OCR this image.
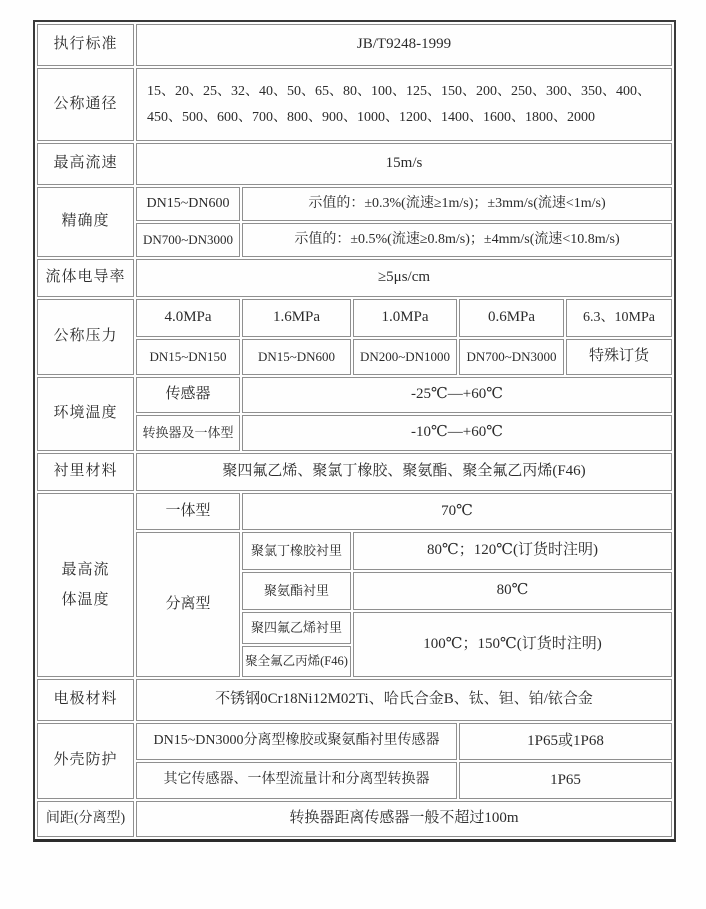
执行标准	JB/T9248-1999				
公称通径	15、20、25、32、40、50、65、80、100、125、150、200、250、300、350、400、450、500、600、700、800、900、1000、1200、1400、1600、1800、2000				
最高流速	15m/s				
精确度	DN15~DN600	示值的：±0.3%(流速≥1m/s)；±3mm/s(流速<1m/s)			
	DN700~DN3000	示值的：±0.5%(流速≥0.8m/s)；±4mm/s(流速<10.8m/s)			
流体电导率	≥5μs/cm				
公称压力	4.0MPa	1.6MPa	1.0MPa	0.6MPa	6.3、10MPa
	DN15~DN150	DN15~DN600	DN200~DN1000	DN700~DN3000	特殊订货
环境温度	传感器	-25℃—+60℃			
	转换器及一体型	-10℃—+60℃			
衬里材料	聚四氟乙烯、聚氯丁橡胶、聚氨酯、聚全氟乙丙烯(F46)				
最高流体温度	一体型	70℃			
	分离型	聚氯丁橡胶衬里	80℃；120℃(订货时注明)		
		聚氨酯衬里	80℃		
		聚四氟乙烯衬里	100℃；150℃(订货时注明)		
		聚全氟乙丙烯(F46)			
电极材料	不锈钢0Cr18Ni12M02Ti、哈氏合金B、钛、钽、铂/铱合金				
外壳防护	DN15~DN3000分离型橡胶或聚氨酯衬里传感器			1P65或1P68	
	其它传感器、一体型流量计和分离型转换器			1P65	
间距(分离型)	转换器距离传感器一般不超过100m				
